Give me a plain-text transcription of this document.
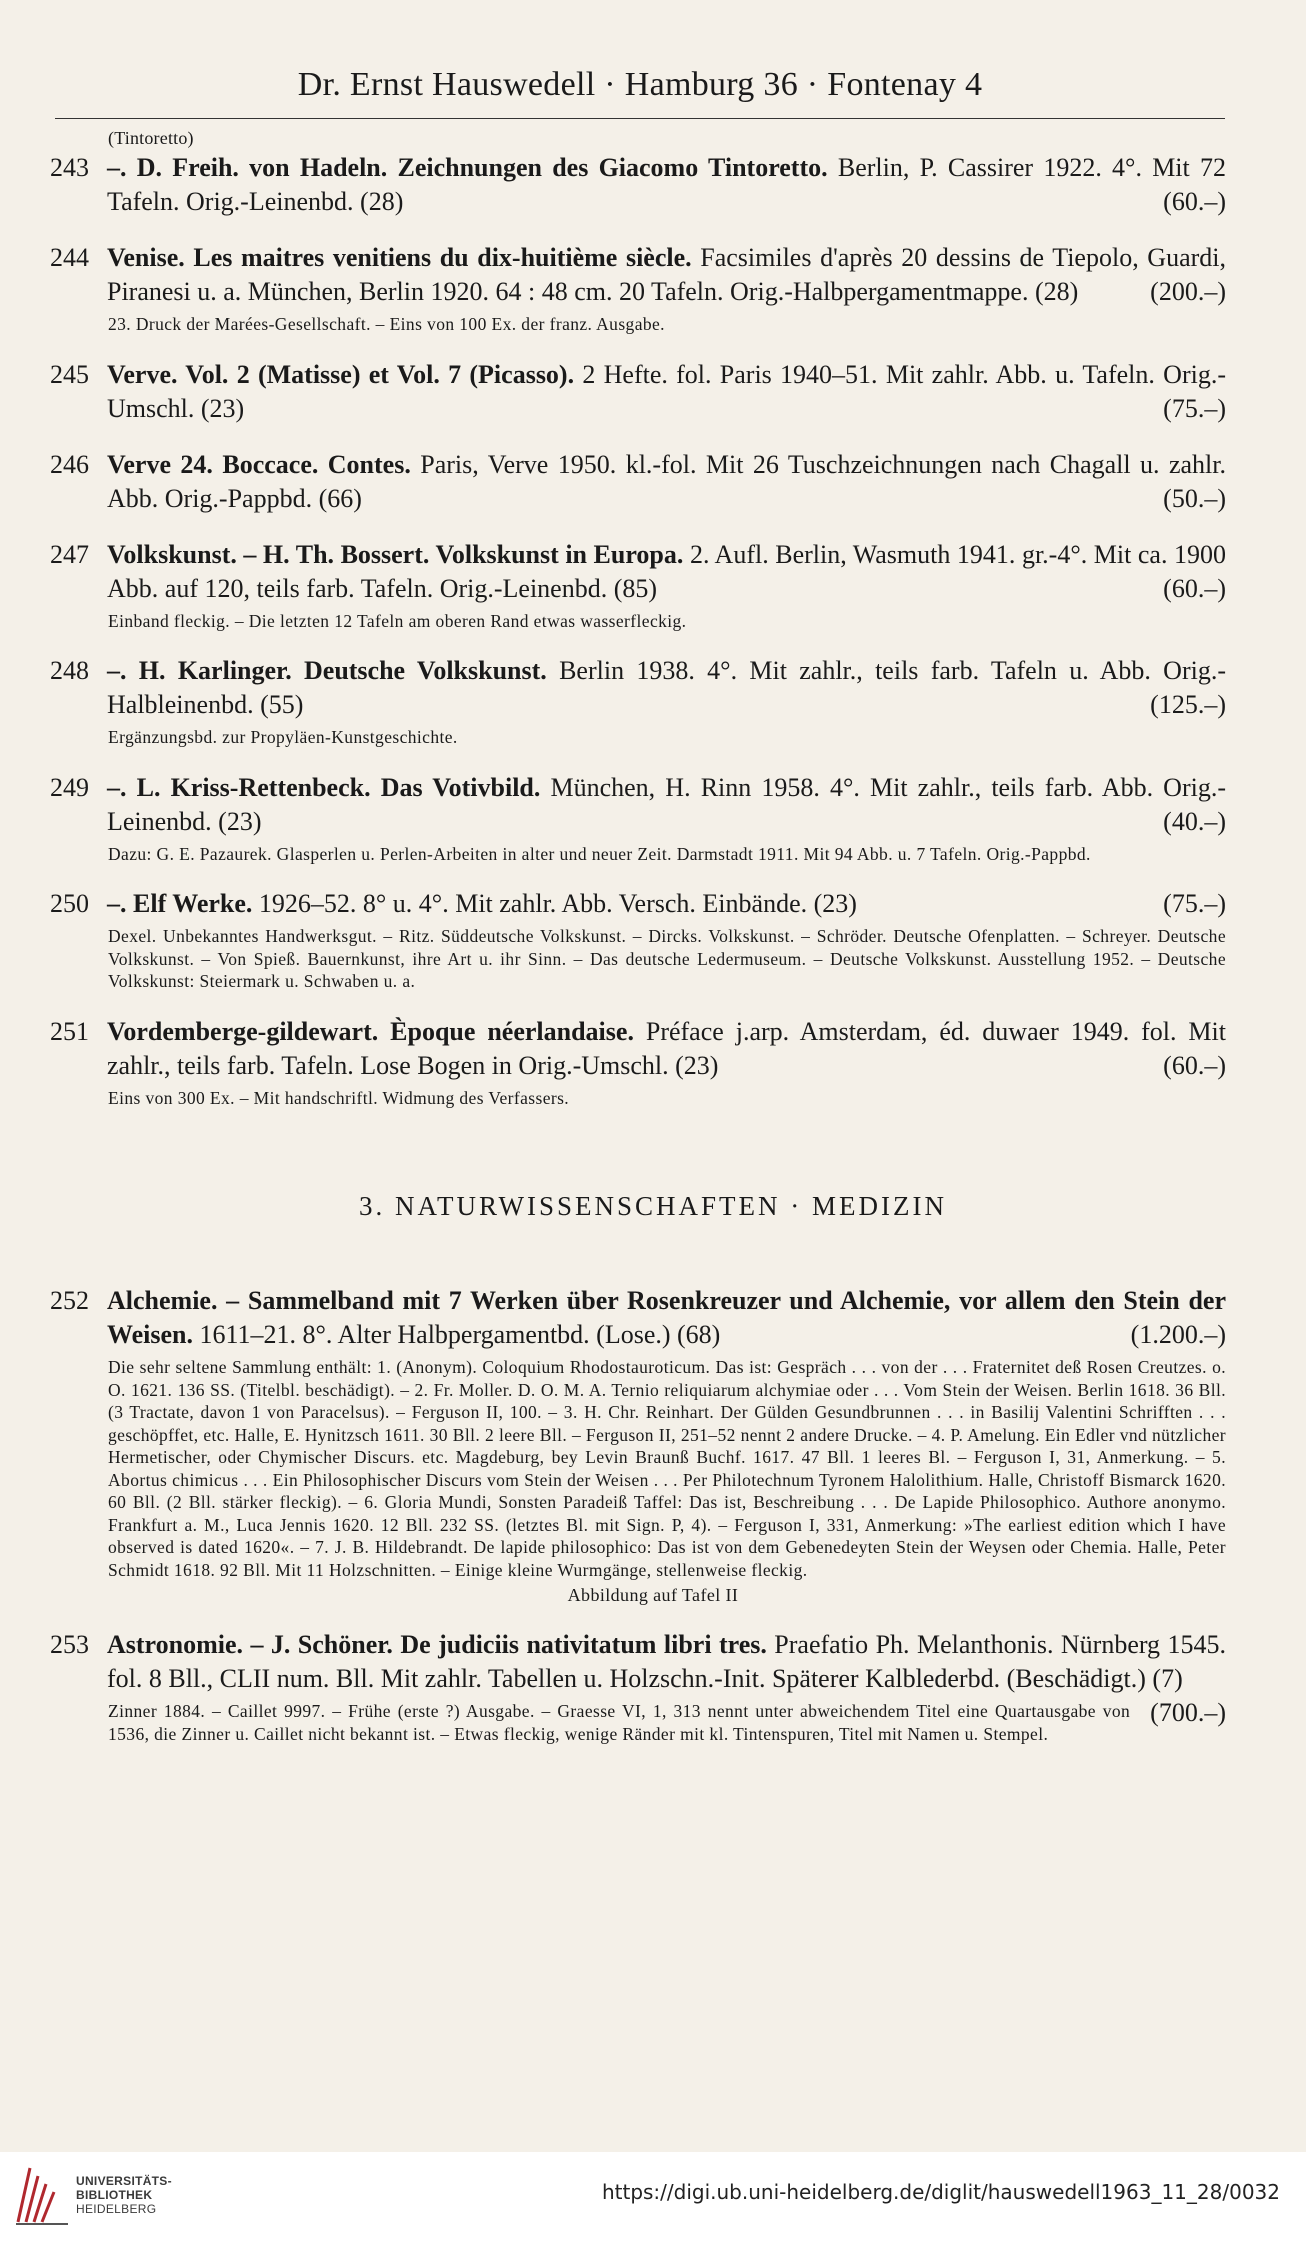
Dr. Ernst Hauswedell · Hamburg 36 · Fontenay 4
(Tintoretto)
243 –. D. Freih. von Hadeln. Zeichnungen des Giacomo Tintoretto. Berlin, P. Cassirer 1922. 4°. Mit 72 Tafeln. Orig.-Leinenbd. (28)	(60.–)
244 Venise. Les maitres venitiens du dix-huitième siècle. Facsimiles d'après 20 dessins de Tiepolo, Guardi, Piranesi u. a. München, Berlin 1920. 64 : 48 cm. 20 Tafeln. Orig.-Halbpergamentmappe. (28)	(200.–)
23. Druck der Marées-Gesellschaft. – Eins von 100 Ex. der franz. Ausgabe.
245 Verve. Vol. 2 (Matisse) et Vol. 7 (Picasso). 2 Hefte. fol. Paris 1940–51. Mit zahlr. Abb. u. Tafeln. Orig.-Umschl. (23)	(75.–)
246 Verve 24. Boccace. Contes. Paris, Verve 1950. kl.-fol. Mit 26 Tuschzeichnungen nach Chagall u. zahlr. Abb. Orig.-Pappbd. (66)	(50.–)
247 Volkskunst. – H. Th. Bossert. Volkskunst in Europa. 2. Aufl. Berlin, Wasmuth 1941. gr.-4°. Mit ca. 1900 Abb. auf 120, teils farb. Tafeln. Orig.-Leinenbd. (85)	(60.–)
Einband fleckig. – Die letzten 12 Tafeln am oberen Rand etwas wasserfleckig.
248 –. H. Karlinger. Deutsche Volkskunst. Berlin 1938. 4°. Mit zahlr., teils farb. Tafeln u. Abb. Orig.-Halbleinenbd. (55)	(125.–)
Ergänzungsbd. zur Propyläen-Kunstgeschichte.
249 –. L. Kriss-Rettenbeck. Das Votivbild. München, H. Rinn 1958. 4°. Mit zahlr., teils farb. Abb. Orig.-Leinenbd. (23)	(40.–)
Dazu: G. E. Pazaurek. Glasperlen u. Perlen-Arbeiten in alter und neuer Zeit. Darmstadt 1911. Mit 94 Abb. u. 7 Tafeln. Orig.-Pappbd.
250 –. Elf Werke. 1926–52. 8° u. 4°. Mit zahlr. Abb. Versch. Einbände. (23)	(75.–)
Dexel. Unbekanntes Handwerksgut. – Ritz. Süddeutsche Volkskunst. – Dircks. Volkskunst. – Schröder. Deutsche Ofenplatten. – Schreyer. Deutsche Volkskunst. – Von Spieß. Bauernkunst, ihre Art u. ihr Sinn. – Das deutsche Ledermuseum. – Deutsche Volkskunst. Ausstellung 1952. – Deutsche Volkskunst: Steiermark u. Schwaben u. a.
251 Vordemberge-gildewart. Èpoque néerlandaise. Préface j.arp. Amsterdam, éd. duwaer 1949. fol. Mit zahlr., teils farb. Tafeln. Lose Bogen in Orig.-Umschl. (23)	(60.–)
Eins von 300 Ex. – Mit handschriftl. Widmung des Verfassers.
3. NATURWISSENSCHAFTEN · MEDIZIN
252 Alchemie. – Sammelband mit 7 Werken über Rosenkreuzer und Alchemie, vor allem den Stein der Weisen. 1611–21. 8°. Alter Halbpergamentbd. (Lose.) (68)	(1.200.–)
Die sehr seltene Sammlung enthält: 1. (Anonym). Coloquium Rhodostauroticum. Das ist: Gespräch . . . von der . . . Fraternitet deß Rosen Creutzes. o. O. 1621. 136 SS. (Titelbl. beschädigt). – 2. Fr. Moller. D. O. M. A. Ternio reliquiarum alchymiae oder . . . Vom Stein der Weisen. Berlin 1618. 36 Bll. (3 Tractate, davon 1 von Paracelsus). – Ferguson II, 100. – 3. H. Chr. Reinhart. Der Gülden Gesundbrunnen . . . in Basilij Valentini Schrifften . . . geschöpffet, etc. Halle, E. Hynitzsch 1611. 30 Bll. 2 leere Bll. – Ferguson II, 251–52 nennt 2 andere Drucke. – 4. P. Amelung. Ein Edler vnd nützlicher Hermetischer, oder Chymischer Discurs. etc. Magdeburg, bey Levin Braunß Buchf. 1617. 47 Bll. 1 leeres Bl. – Ferguson I, 31, Anmerkung. – 5. Abortus chimicus . . . Ein Philosophischer Discurs vom Stein der Weisen . . . Per Philotechnum Tyronem Halolithium. Halle, Christoff Bismarck 1620. 60 Bll. (2 Bll. stärker fleckig). – 6. Gloria Mundi, Sonsten Paradeiß Taffel: Das ist, Beschreibung . . . De Lapide Philosophico. Authore anonymo. Frankfurt a. M., Luca Jennis 1620. 12 Bll. 232 SS. (letztes Bl. mit Sign. P, 4). – Ferguson I, 331, Anmerkung: »The earliest edition which I have observed is dated 1620«. – 7. J. B. Hildebrandt. De lapide philosophico: Das ist von dem Gebenedeyten Stein der Weysen oder Chemia. Halle, Peter Schmidt 1618. 92 Bll. Mit 11 Holzschnitten. – Einige kleine Wurmgänge, stellenweise fleckig.
Abbildung auf Tafel II
253 Astronomie. – J. Schöner. De judiciis nativitatum libri tres. Praefatio Ph. Melanthonis. Nürnberg 1545. fol. 8 Bll., CLII num. Bll. Mit zahlr. Tabellen u. Holzschn.-Init. Späterer Kalblederbd. (Beschädigt.) (7)
(700.–)
Zinner 1884. – Caillet 9997. – Frühe (erste ?) Ausgabe. – Graesse VI, 1, 313 nennt unter abweichendem Titel eine Quartausgabe von 1536, die Zinner u. Caillet nicht bekannt ist. – Etwas fleckig, wenige Ränder mit kl. Tintenspuren, Titel mit Namen u. Stempel.
UNIVERSITÄTS-
BIBLIOTHEK
HEIDELBERG
https://digi.ub.uni-heidelberg.de/diglit/hauswedell1963_11_28/0032
